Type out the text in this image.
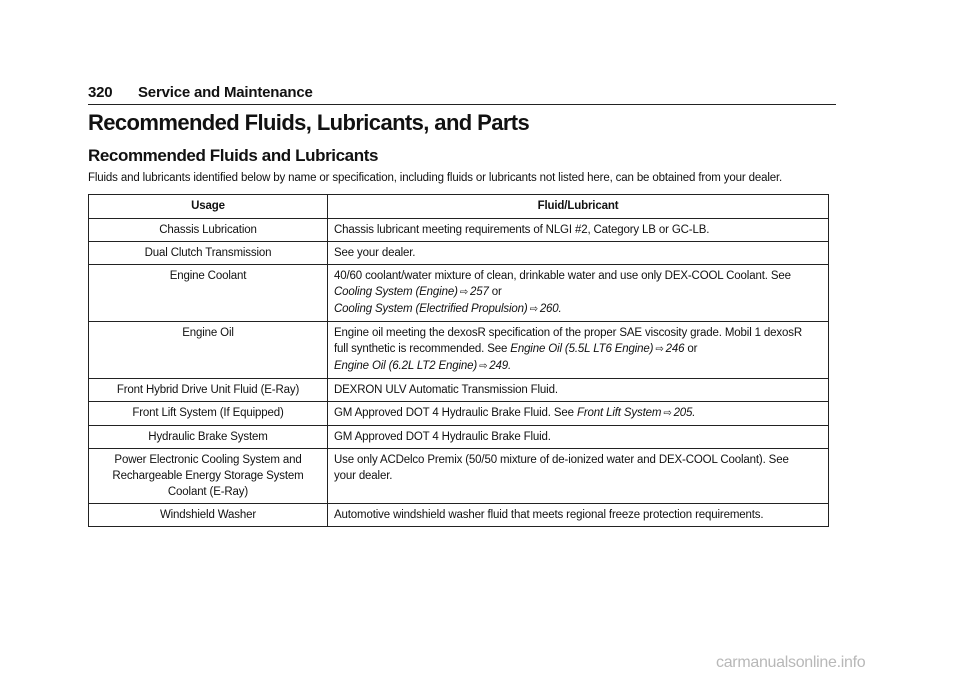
320 Service and Maintenance
Recommended Fluids, Lubricants, and Parts
Recommended Fluids and Lubricants
Fluids and lubricants identified below by name or specification, including fluids or lubricants not listed here, can be obtained from your dealer.
Usage	Fluid/Lubricant
Chassis Lubrication	Chassis lubricant meeting requirements of NLGI #2, Category LB or GC-LB.
Dual Clutch Transmission	See your dealer.
Engine Coolant	40/60 coolant/water mixture of clean, drinkable water and use only DEX-COOL Coolant. See
Cooling System (Engine) ⇨ 257 or
Cooling System (Electrified Propulsion) ⇨ 260.

Engine Oil	Engine oil meeting the dexosR specification of the proper SAE viscosity grade. Mobil 1 dexosR
full synthetic is recommended. See Engine Oil (5.5L LT6 Engine) ⇨ 246 or
Engine Oil (6.2L LT2 Engine) ⇨ 249.

Front Hybrid Drive Unit Fluid (E-Ray)	DEXRON ULV Automatic Transmission Fluid.
Front Lift System (If Equipped)	GM Approved DOT 4 Hydraulic Brake Fluid. See Front Lift System ⇨ 205.
Hydraulic Brake System	GM Approved DOT 4 Hydraulic Brake Fluid.

Power Electronic Cooling System and
Rechargeable Energy Storage System
Coolant (E-Ray)	Use only ACDelco Premix (50/50 mixture of de-ionized water and DEX-COOL Coolant). See
your dealer.

Windshield Washer	Automotive windshield washer fluid that meets regional freeze protection requirements.
carmanualsonline.info
